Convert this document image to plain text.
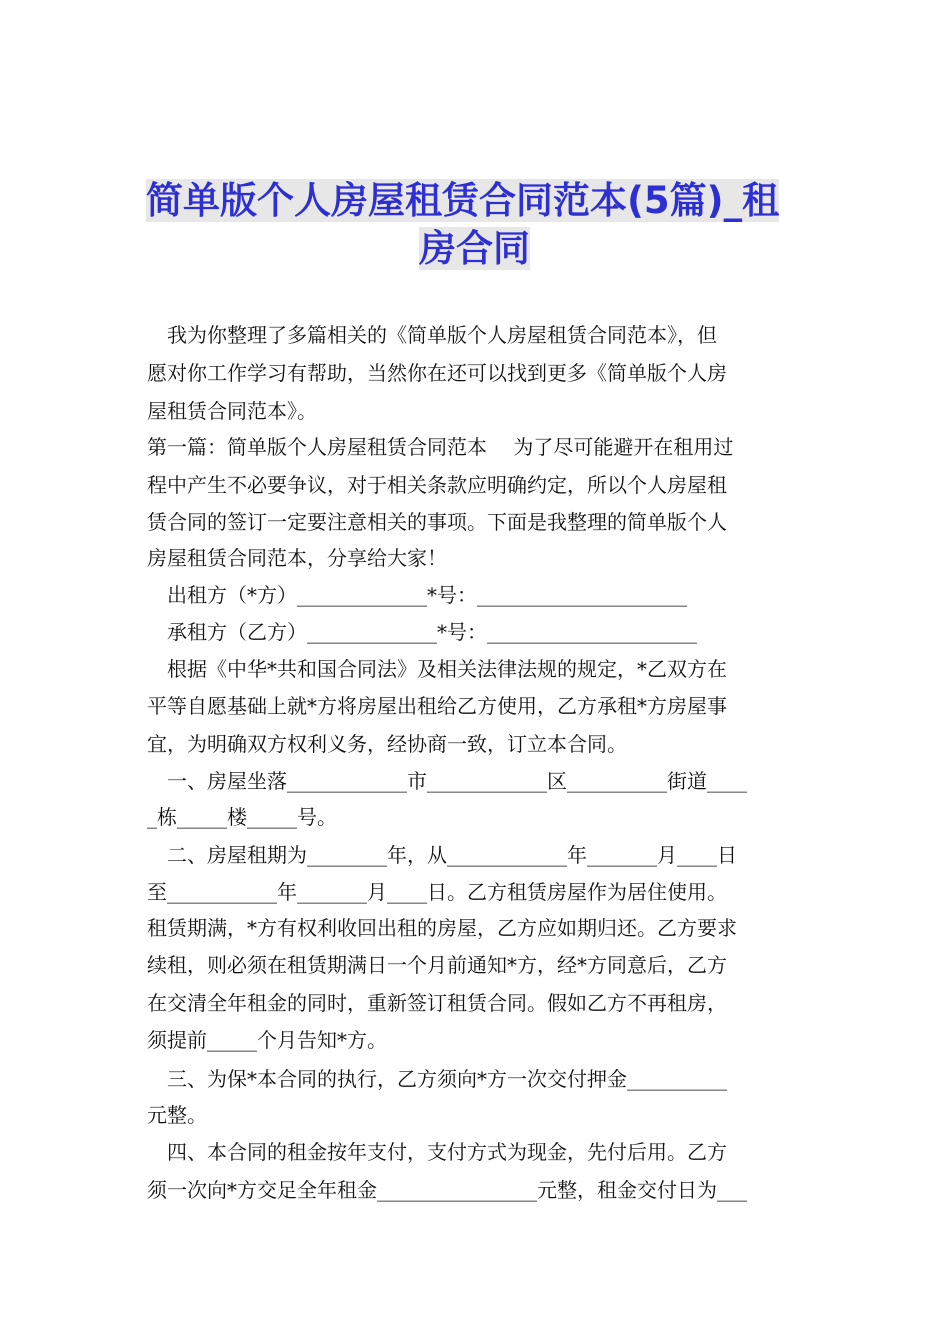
简单版个人房屋租赁合同范本(5篇)_租
房合同
　我为你整理了多篇相关的《简单版个人房屋租赁合同范本》，但
愿对你工作学习有帮助，当然你在还可以找到更多《简单版个人房
屋租赁合同范本》。
第一篇：简单版个人房屋租赁合同范本　 为了尽可能避开在租用过
程中产生不必要争议，对于相关条款应明确约定，所以个人房屋租
赁合同的签订一定要注意相关的事项。下面是我整理的简单版个人
房屋租赁合同范本，分享给大家！
　出租方（*方）_____________*号：_____________________
　承租方（乙方）_____________*号：_____________________
　根据《中华*共和国合同法》及相关法律法规的规定，*乙双方在
平等自愿基础上就*方将房屋出租给乙方使用，乙方承租*方房屋事
宜，为明确双方权利义务，经协商一致，订立本合同。
　一、房屋坐落____________市____________区__________街道____
_栋_____楼_____号。
　二、房屋租期为________年，从____________年_______月____日
至___________年_______月____日。乙方租赁房屋作为居住使用。
租赁期满，*方有权利收回出租的房屋，乙方应如期归还。乙方要求
续租，则必须在租赁期满日一个月前通知*方，经*方同意后，乙方
在交清全年租金的同时，重新签订租赁合同。假如乙方不再租房，
须提前_____个月告知*方。
　三、为保*本合同的执行，乙方须向*方一次交付押金__________
元整。
　四、本合同的租金按年支付，支付方式为现金，先付后用。乙方
须一次向*方交足全年租金________________元整，租金交付日为___
